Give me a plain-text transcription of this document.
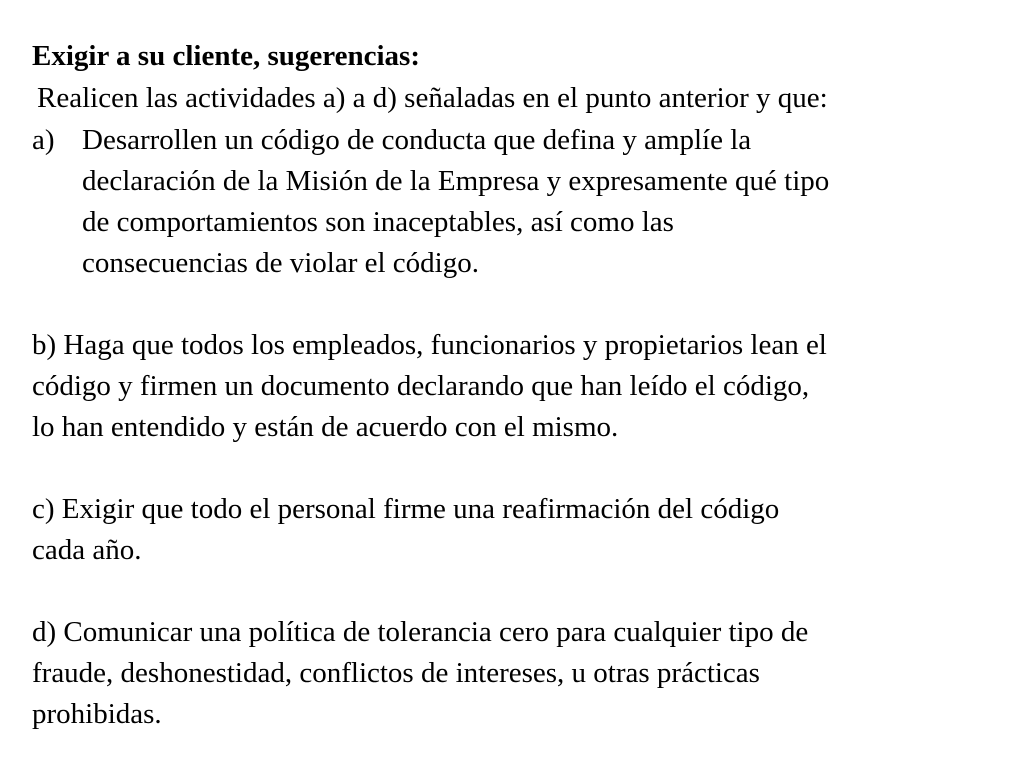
Exigir a su cliente, sugerencias:
Realicen las actividades a) a d) señaladas en el punto anterior y que:
a) Desarrollen un código de conducta que defina y amplíe la
declaración de la Misión de la Empresa y expresamente qué tipo
de comportamientos son inaceptables, así como las
consecuencias de violar el código.
b) Haga que todos los empleados, funcionarios y propietarios lean el
código y firmen un documento declarando que han leído el código,
lo han entendido y están de acuerdo con el mismo.
c) Exigir que todo el personal firme una reafirmación del código
cada año.
d) Comunicar una política de tolerancia cero para cualquier tipo de
fraude, deshonestidad, conflictos de intereses, u otras prácticas
prohibidas.
